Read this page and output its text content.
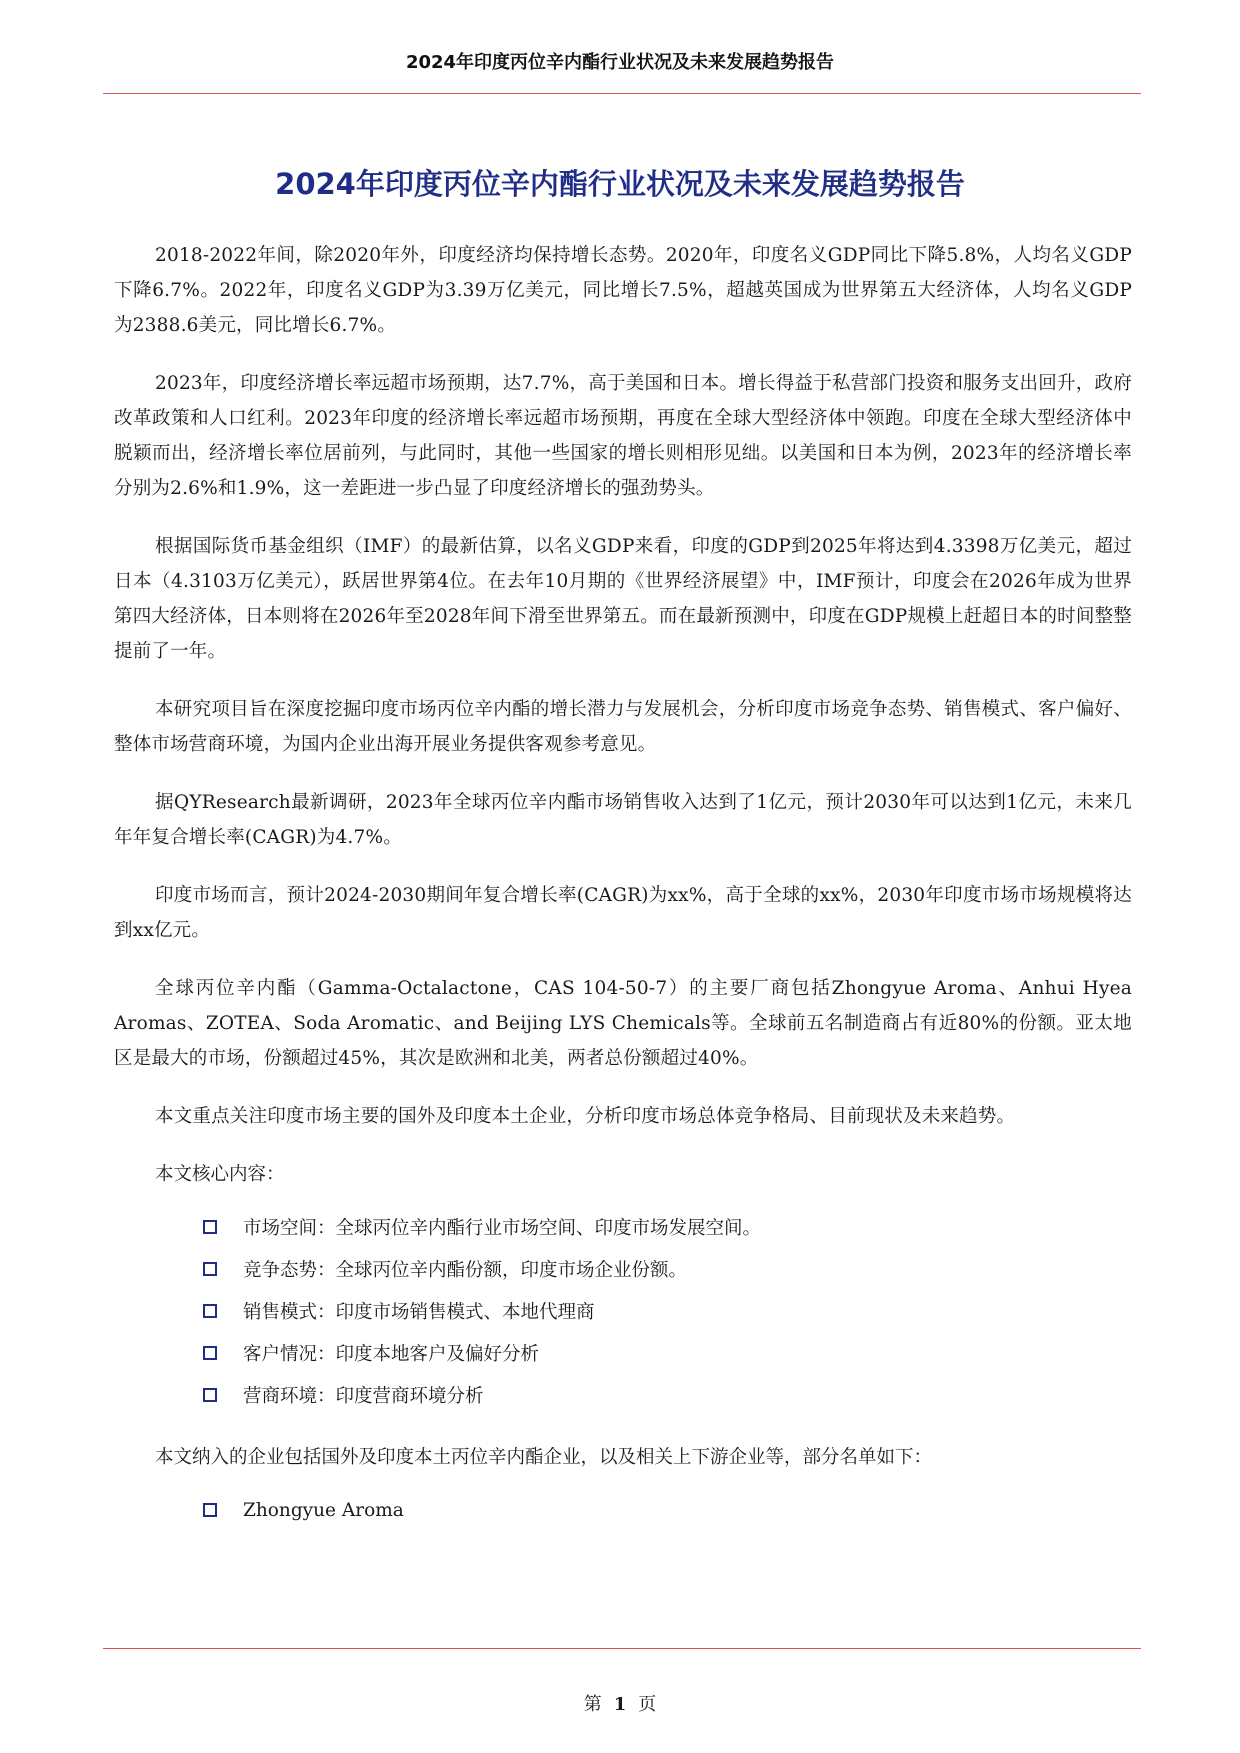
2024年印度丙位辛内酯行业状况及未来发展趋势报告
2024年印度丙位辛内酯行业状况及未来发展趋势报告

2018-2022年间，除2020年外，印度经济均保持增长态势。2020年，印度名义GDP同比下降5.8%，人均名义GDP下降6.7%。2022年，印度名义GDP为3.39万亿美元，同比增长7.5%，超越英国成为世界第五大经济体，人均名义GDP为2388.6美元，同比增长6.7%。

2023年，印度经济增长率远超市场预期，达7.7%，高于美国和日本。增长得益于私营部门投资和服务支出回升，政府改革政策和人口红利。2023年印度的经济增长率远超市场预期，再度在全球大型经济体中领跑。印度在全球大型经济体中脱颖而出，经济增长率位居前列，与此同时，其他一些国家的增长则相形见绌。以美国和日本为例，2023年的经济增长率分别为2.6%和1.9%，这一差距进一步凸显了印度经济增长的强劲势头。

根据国际货币基金组织（IMF）的最新估算，以名义GDP来看，印度的GDP到2025年将达到4.3398万亿美元，超过日本（4.3103万亿美元），跃居世界第4位。在去年10月期的《世界经济展望》中，IMF预计，印度会在2026年成为世界第四大经济体，日本则将在2026年至2028年间下滑至世界第五。而在最新预测中，印度在GDP规模上赶超日本的时间整整提前了一年。

本研究项目旨在深度挖掘印度市场丙位辛内酯的增长潜力与发展机会，分析印度市场竞争态势、销售模式、客户偏好、整体市场营商环境，为国内企业出海开展业务提供客观参考意见。

据QYResearch最新调研，2023年全球丙位辛内酯市场销售收入达到了1亿元，预计2030年可以达到1亿元，未来几年年复合增长率(CAGR)为4.7%。

印度市场而言，预计2024-2030期间年复合增长率(CAGR)为xx%，高于全球的xx%，2030年印度市场市场规模将达到xx亿元。

全球丙位辛内酯（Gamma-Octalactone，CAS 104-50-7）的主要厂商包括Zhongyue Aroma、Anhui Hyea Aromas、ZOTEA、Soda Aromatic、and Beijing LYS Chemicals等。全球前五名制造商占有近80%的份额。亚太地区是最大的市场，份额超过45%，其次是欧洲和北美，两者总份额超过40%。

本文重点关注印度市场主要的国外及印度本土企业，分析印度市场总体竞争格局、目前现状及未来趋势。

本文核心内容：

市场空间：全球丙位辛内酯行业市场空间、印度市场发展空间。
竞争态势：全球丙位辛内酯份额，印度市场企业份额。
销售模式：印度市场销售模式、本地代理商
客户情况：印度本地客户及偏好分析
营商环境：印度营商环境分析

本文纳入的企业包括国外及印度本土丙位辛内酯企业，以及相关上下游企业等，部分名单如下：

Zhongyue Aroma
第 1 页
